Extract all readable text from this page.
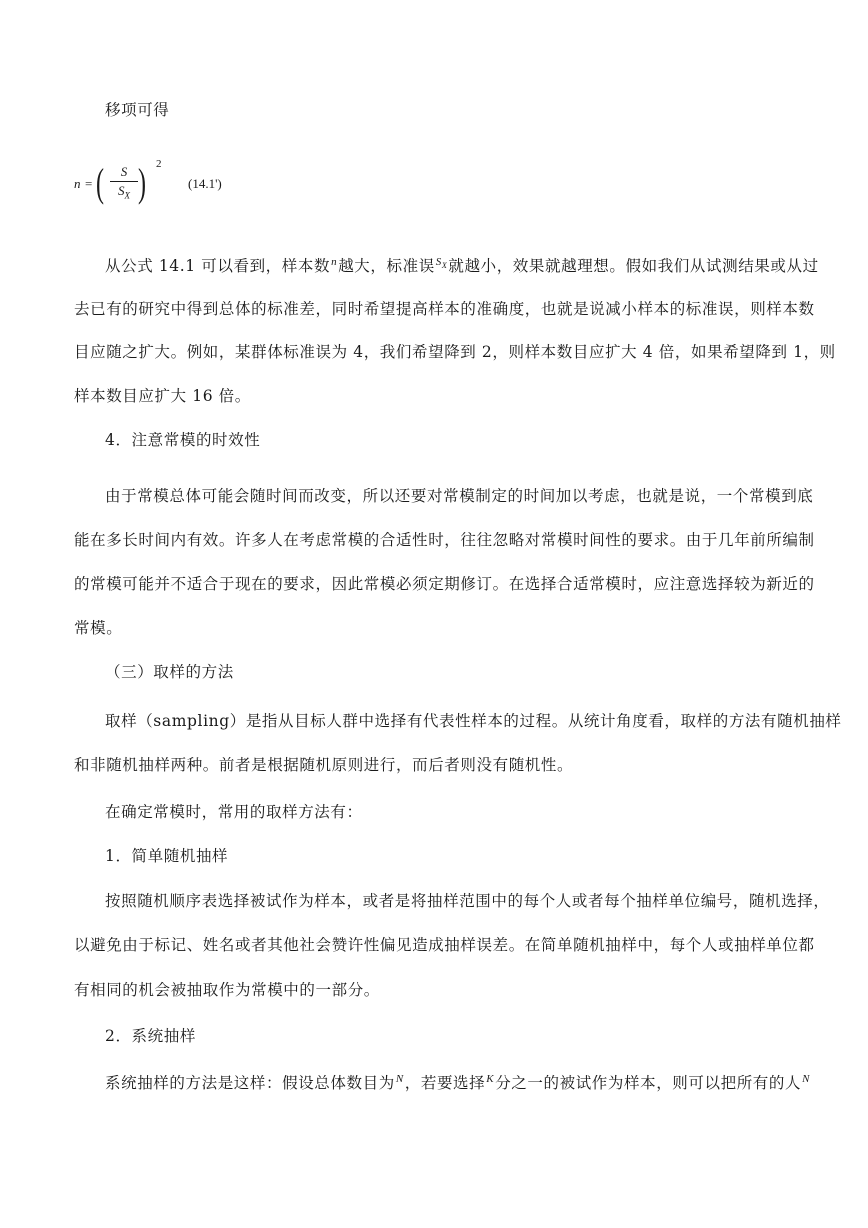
移项可得
n = (	S
$S_X$ ) 2
(14.1')
从公式 14.1 可以看到，样本数$^n$越大，标准误$^{S_X}$就越小，效果就越理想。假如我们从试测结果或从过
去已有的研究中得到总体的标准差，同时希望提高样本的准确度，也就是说减小样本的标准误，则样本数
目应随之扩大。例如，某群体标准误为 4，我们希望降到 2，则样本数目应扩大 4 倍，如果希望降到 1，则
样本数目应扩大 16 倍。
4．注意常模的时效性
由于常模总体可能会随时间而改变，所以还要对常模制定的时间加以考虑，也就是说，一个常模到底
能在多长时间内有效。许多人在考虑常模的合适性时，往往忽略对常模时间性的要求。由于几年前所编制
的常模可能并不适合于现在的要求，因此常模必须定期修订。在选择合适常模时，应注意选择较为新近的
常模。
（三）取样的方法
取样（sampling）是指从目标人群中选择有代表性样本的过程。从统计角度看，取样的方法有随机抽样
和非随机抽样两种。前者是根据随机原则进行，而后者则没有随机性。
在确定常模时，常用的取样方法有：
1．简单随机抽样
按照随机顺序表选择被试作为样本，或者是将抽样范围中的每个人或者每个抽样单位编号，随机选择，
以避免由于标记、姓名或者其他社会赞许性偏见造成抽样误差。在简单随机抽样中，每个人或抽样单位都
有相同的机会被抽取作为常模中的一部分。
2．系统抽样
系统抽样的方法是这样：假设总体数目为$^N$，若要选择$^K$分之一的被试作为样本，则可以把所有的人$^N$
